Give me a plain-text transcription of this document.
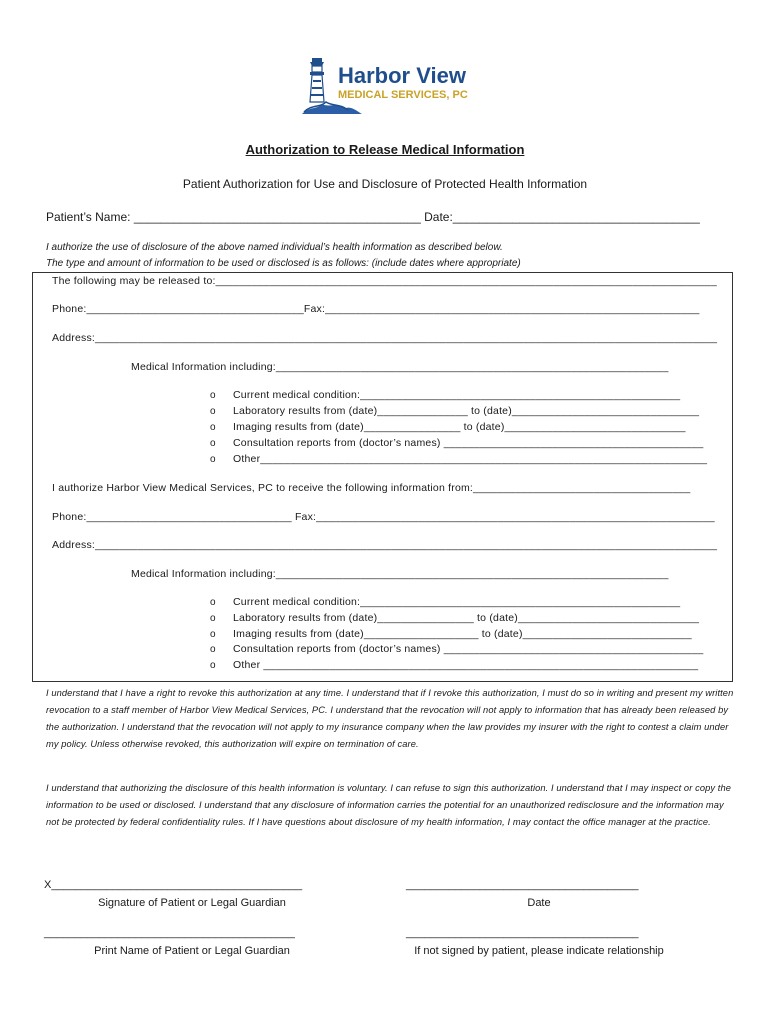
Harbor View
MEDICAL SERVICES, PC
Authorization to Release Medical Information
Patient Authorization for Use and Disclosure of Protected Health Information
Patient’s Name: ___________________________________________ Date:_____________________________________
I authorize the use of disclosure of the above named individual’s health information as described below.
The type and amount of information to be used or disclosed is as follows: (include dates where appropriate)
The following may be released to:___________________________________________________________________________________
Phone:____________________________________Fax:______________________________________________________________
Address:_______________________________________________________________________________________________________
Medical Information including:_________________________________________________________________
o Current medical condition:_____________________________________________________
o Laboratory results from (date)_______________ to (date)_______________________________
o Imaging results from (date)________________ to (date)______________________________
o Consultation reports from (doctor’s names) ___________________________________________
o Other__________________________________________________________________________
I authorize Harbor View Medical Services, PC to receive the following information from:____________________________________
Phone:__________________________________ Fax:__________________________________________________________________
Address:_______________________________________________________________________________________________________
Medical Information including:_________________________________________________________________
o Current medical condition:_____________________________________________________
o Laboratory results from (date)________________ to (date)______________________________
o Imaging results from (date)___________________ to (date)____________________________
o Consultation reports from (doctor’s names) ___________________________________________
o Other ________________________________________________________________________
I understand that I have a right to revoke this authorization at any time. I understand that if I revoke this authorization, I must do so in writing and present my written revocation to a staff member of Harbor View Medical Services, PC. I understand that the revocation will not apply to information that has already been released by the authorization. I understand that the revocation will not apply to my insurance company when the law provides my insurer with the right to contest a claim under my policy. Unless otherwise revoked, this authorization will expire on termination of care.
I understand that authorizing the disclosure of this health information is voluntary. I can refuse to sign this authorization. I understand that I may inspect or copy the information to be used or disclosed. I understand that any disclosure of information carries the potential for an unauthorized redisclosure and the information may not be protected by federal confidentiality rules. If I have questions about disclosure of my health information, I may contact the office manager at the practice.
X_________________________________________
Signature of Patient or Legal Guardian
______________________________________
Date
_________________________________________
Print Name of Patient or Legal Guardian
______________________________________
If not signed by patient, please indicate relationship
